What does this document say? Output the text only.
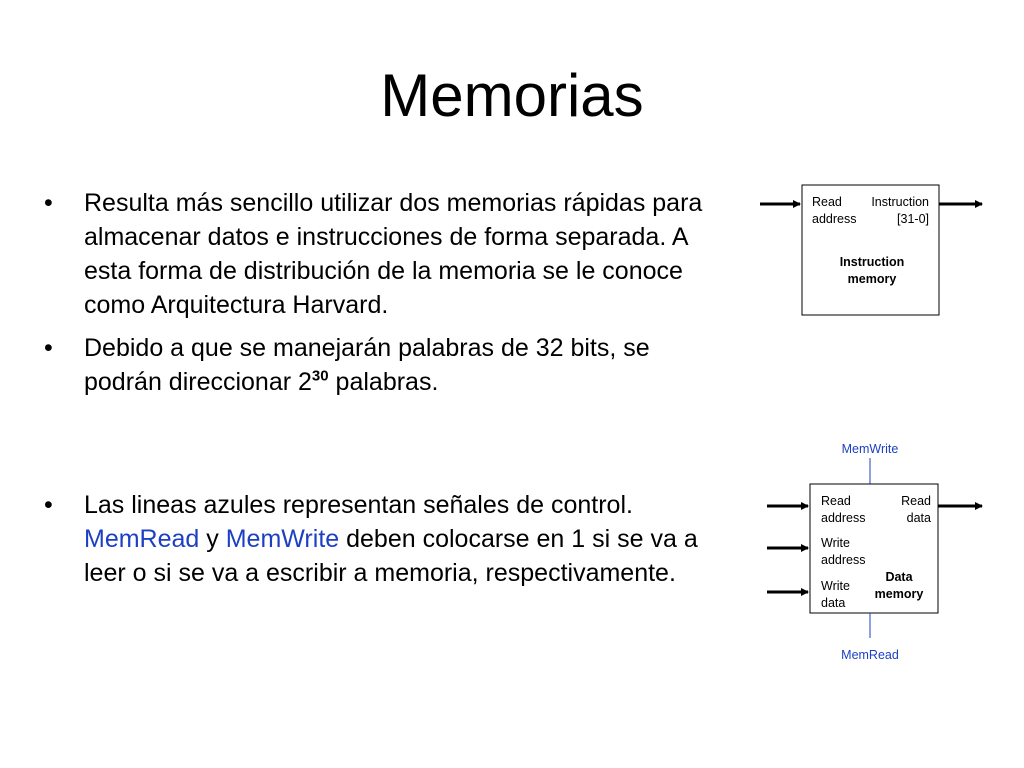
Memorias
•	Resulta más sencillo utilizar dos memorias rápidas para almacenar datos e instrucciones de forma separada. A esta forma de distribución de la memoria se le conoce como Arquitectura Harvard.
•	Debido a que se manejarán palabras de 32 bits, se podrán direccionar $2^{30}$ palabras.
•	Las lineas azules representan señales de control. MemRead y MemWrite deben colocarse en 1 si se va a leer o si se va a escribir a memoria, respectivamente.
Read
address
Instruction
[31-0]
Instruction
memory
MemWrite
MemRead
Read
address
Write
address
Write
data
Read
data
Data
memory
